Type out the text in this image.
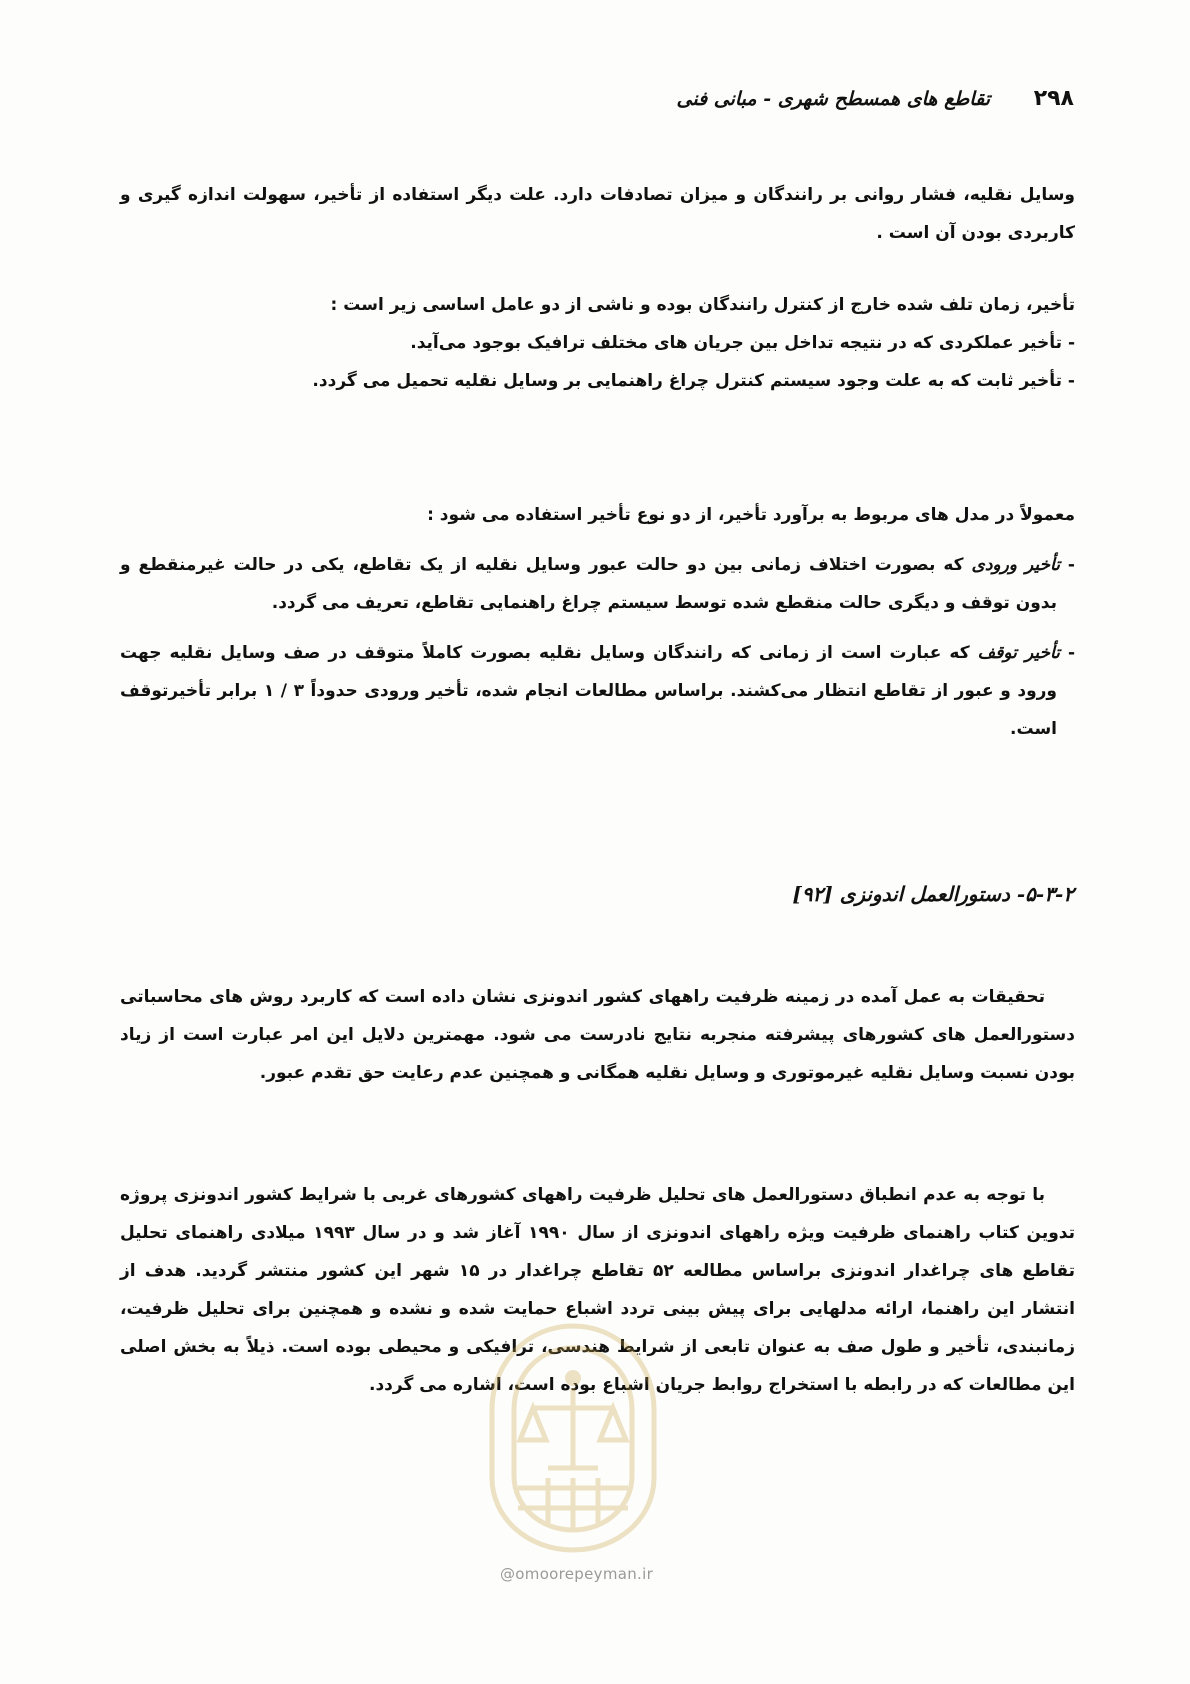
۲۹۸
تقاطع های همسطح شهری - مبانی فنی
وسایل نقلیه، فشار روانی بر رانندگان و میزان تصادفات دارد. علت دیگر استفاده از تأخیر، سهولت اندازه گیری و کاربردی بودن آن است .
تأخیر، زمان تلف شده خارج از کنترل رانندگان بوده و ناشی از دو عامل اساسی زیر است :
- تأخیر عملکردی که در نتیجه تداخل بین جریان های مختلف ترافیک بوجود می‌آید.
- تأخیر ثابت که به علت وجود سیستم کنترل چراغ راهنمایی بر وسایل نقلیه تحمیل می گردد.
معمولاً در مدل های مربوط به برآورد تأخیر، از دو نوع تأخیر استفاده می شود :
- تأخیر ورودی که بصورت اختلاف زمانی بین دو حالت عبور وسایل نقلیه از یک تقاطع، یکی در حالت غیرمنقطع و بدون توقف و دیگری حالت منقطع شده توسط سیستم چراغ راهنمایی تقاطع، تعریف می گردد.
- تأخیر توقف که عبارت است از زمانی که رانندگان وسایل نقلیه بصورت کاملاً متوقف در صف وسایل نقلیه جهت ورود و عبور از تقاطع انتظار می‌کشند. براساس مطالعات انجام شده، تأخیر ورودی حدوداً ۳ / ۱ برابر تأخیرتوقف است.
۵-۳-۲- دستورالعمل اندونزی [۹۲]
تحقیقات به عمل آمده در زمینه ظرفیت راههای کشور اندونزی نشان داده است که کاربرد روش های محاسباتی دستورالعمل های کشورهای پیشرفته منجربه نتایج نادرست می شود. مهمترین دلایل این امر عبارت است از زیاد بودن نسبت وسایل نقلیه غیرموتوری و وسایل نقلیه همگانی و همچنین عدم رعایت حق تقدم عبور.
با توجه به عدم انطباق دستورالعمل های تحلیل ظرفیت راههای کشورهای غربی با شرایط کشور اندونزی پروژه تدوین کتاب راهنمای ظرفیت ویژه راههای اندونزی از سال ۱۹۹۰ آغاز شد و در سال ۱۹۹۳ میلادی راهنمای تحلیل تقاطع های چراغدار اندونزی براساس مطالعه ۵۲ تقاطع چراغدار در ۱۵ شهر این کشور منتشر گردید. هدف از انتشار این راهنما، ارائه مدلهایی برای پیش بینی تردد اشباع حمایت شده و نشده و همچنین برای تحلیل ظرفیت، زمانبندی، تأخیر و طول صف به عنوان تابعی از شرایط هندسی، ترافیکی و محیطی بوده است. ذیلاً به بخش اصلی این مطالعات که در رابطه با استخراج روابط جریان اشباع بوده است، اشاره می گردد.
@omoorepeyman.ir
